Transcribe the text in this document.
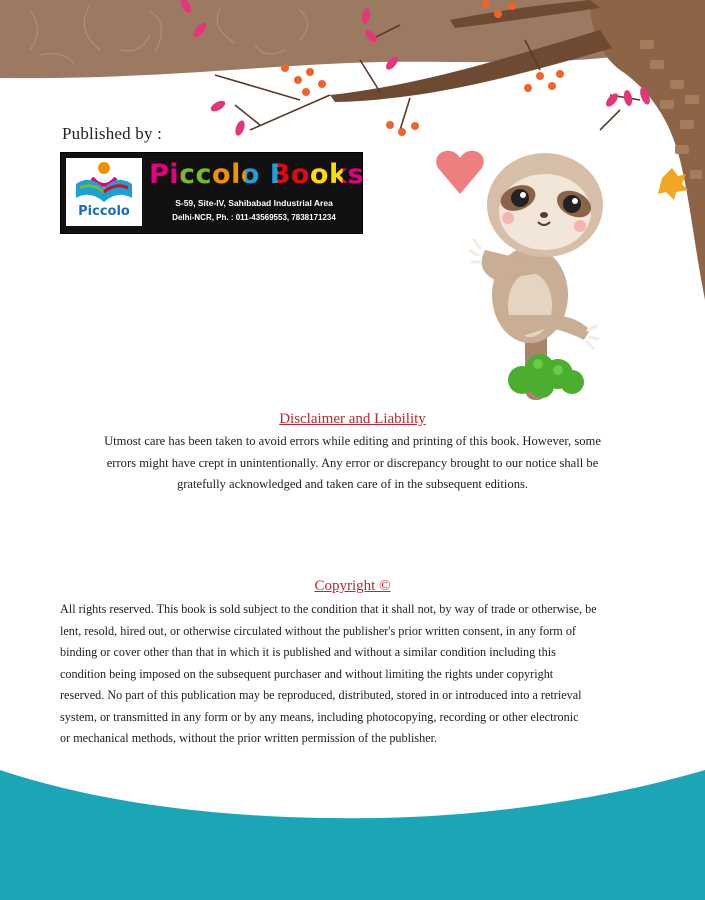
Published by :
Piccolo
Piccolo Books
S-59, Site-IV, Sahibabad Industrial Area
Delhi-NCR, Ph. : 011-43569553, 7838171234
Disclaimer and Liability
Utmost care has been taken to avoid errors while editing and printing of this book. However, some
errors might have crept in unintentionally. Any error or discrepancy brought to our notice shall be
gratefully acknowledged and taken care of in the subsequent editions.
Copyright ©
All rights reserved. This book is sold subject to the condition that it shall not, by way of trade or otherwise, be
lent, resold, hired out, or otherwise circulated without the publisher's prior written consent, in any form of
binding or cover other than that in which it is published and without a similar condition including this
condition being imposed on the subsequent purchaser and without limiting the rights under copyright
reserved. No part of this publication may be reproduced, distributed, stored in or introduced into a retrieval
system, or transmitted in any form or by any means, including photocopying, recording or other electronic
or mechanical methods, without the prior written permission of the publisher.
